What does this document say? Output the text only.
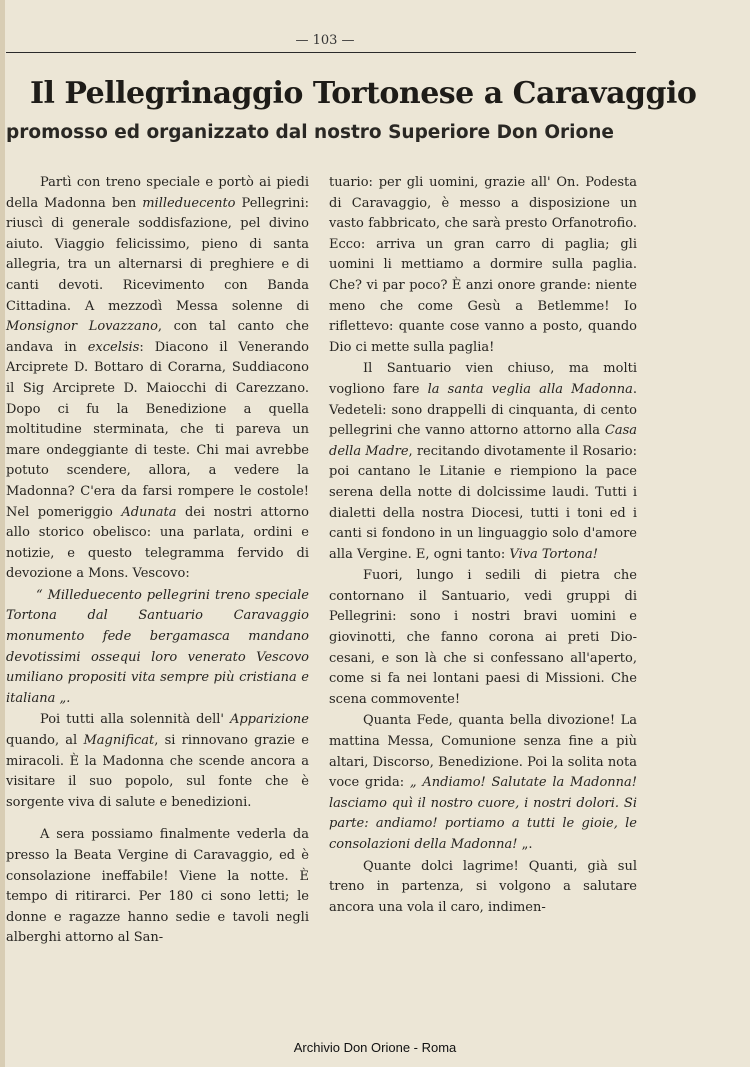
— 103 —
Il Pellegrinaggio Tortonese a Caravaggio
promosso ed organizzato dal nostro Superiore Don Orione

Partì con treno speciale e portò ai piedi della Madonna ben milleduecento Pellegrini: riuscì di generale soddisfazione, pel divino aiuto. Viaggio felicissimo, pieno di santa allegria, tra un alternarsi di preghiere e di canti devoti. Ricevimento con Banda Cittadina. A mezzodì Messa solenne di Monsignor Lovazzano, con tal canto che andava in excelsis: Diacono il Venerando Arciprete D. Bottaro di Corarna, Suddiacono il Sig Arciprete D. Maiocchi di Carezzano. Dopo ci fu la Benedizione a quella moltitudine sterminata, che ti pareva un mare ondeggiante di teste. Chi mai avrebbe potuto scendere, allora, a vedere la Madonna? C'era da farsi rompere le costole! Nel pomeriggio Adunata dei nostri attorno allo storico obelisco: una parlata, ordini e notizie, e questo telegramma fervido di devozione a Mons. Vescovo:

“ Milleduecento pellegrini treno speciale Tortona dal Santuario Caravaggio monumento fede bergamasca mandano devotissimi ossequi loro venerato Vescovo umiliano propositi vita sempre più cristiana e italiana „.

Poi tutti alla solennità dell' Apparizione quando, al Magnificat, si rinnovano grazie e miracoli. È la Madonna che scende ancora a visitare il suo popolo, sul fonte che è sorgente viva di salute e benedizioni.

A sera possiamo finalmente vederla da presso la Beata Vergine di Caravaggio, ed è consolazione ineffabile! Viene la notte. È tempo di ritirarci. Per 180 ci sono letti; le donne e ragazze hanno sedie e tavoli negli alberghi attorno al San-

tuario: per gli uomini, grazie all' On. Podesta di Caravaggio, è messo a disposizione un vasto fabbricato, che sarà presto Orfanotrofio. Ecco: arriva un gran carro di paglia; gli uomini li mettiamo a dormire sulla paglia. Che? vi par poco? È anzi onore grande: niente meno che come Gesù a Betlemme! Io riflettevo: quante cose vanno a posto, quando Dio ci mette sulla paglia!

Il Santuario vien chiuso, ma molti vogliono fare la santa veglia alla Madonna. Vedeteli: sono drappelli di cinquanta, di cento pellegrini che vanno attorno attorno alla Casa della Madre, recitando divotamente il Rosario: poi cantano le Litanie e riempiono la pace serena della notte di dolcissime laudi. Tutti i dialetti della nostra Diocesi, tutti i toni ed i canti si fondono in un linguaggio solo d'amore alla Vergine. E, ogni tanto: Viva Tortona!

Fuori, lungo i sedili di pietra che contornano il Santuario, vedi gruppi di Pellegrini: sono i nostri bravi uomini e giovinotti, che fanno corona ai preti Diocesani, e son là che si confessano all'aperto, come si fa nei lontani paesi di Missioni. Che scena commovente!

Quanta Fede, quanta bella divozione! La mattina Messa, Comunione senza fine a più altari, Discorso, Benedizione. Poi la solita nota voce grida: „ Andiamo! Salutate la Madonna! lasciamo quì il nostro cuore, i nostri dolori. Si parte: andiamo! portiamo a tutti le gioie, le consolazioni della Madonna! „.

Quante dolci lagrime! Quanti, già sul treno in partenza, si volgono a salutare ancora una vola il caro, indimen-

Archivio Don Orione - Roma
